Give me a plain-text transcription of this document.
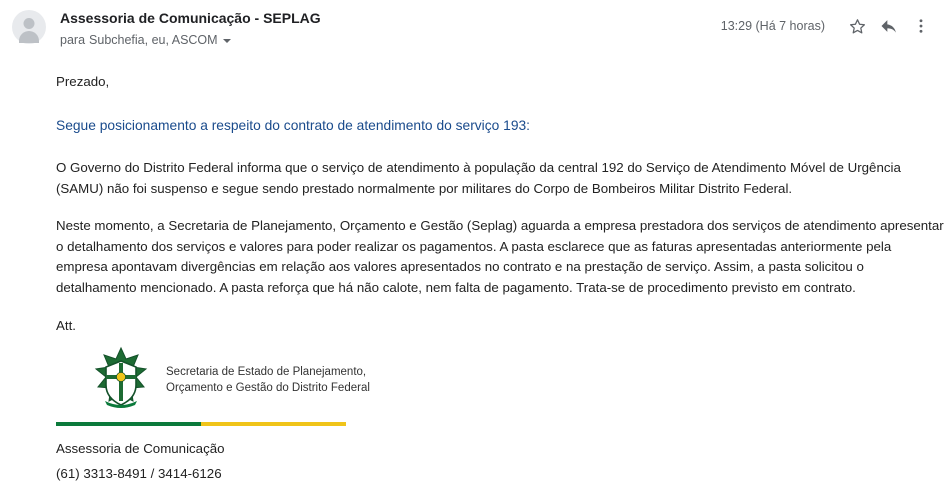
Assessoria de Comunicação - SEPLAG
para Subchefia, eu, ASCOM
13:29 (Há 7 horas)

Prezado,

Segue posicionamento a respeito do contrato de atendimento do serviço 193:

O Governo do Distrito Federal informa que o serviço de atendimento à população da central 192 do Serviço de Atendimento Móvel de Urgência (SAMU) não foi suspenso e segue sendo prestado normalmente por militares do Corpo de Bombeiros Militar Distrito Federal.

Neste momento, a Secretaria de Planejamento, Orçamento e Gestão (Seplag) aguarda a empresa prestadora dos serviços de atendimento apresentar o detalhamento dos serviços e valores para poder realizar os pagamentos. A pasta esclarece que as faturas apresentadas anteriormente pela empresa apontavam divergências em relação aos valores apresentados no contrato e na prestação de serviço. Assim, a pasta solicitou o detalhamento mencionado. A pasta reforça que há não calote, nem falta de pagamento. Trata-se de procedimento previsto em contrato.

Att.

Secretaria de Estado de Planejamento,
Orçamento e Gestão do Distrito Federal
Assessoria de Comunicação
(61) 3313-8491 / 3414-6126
